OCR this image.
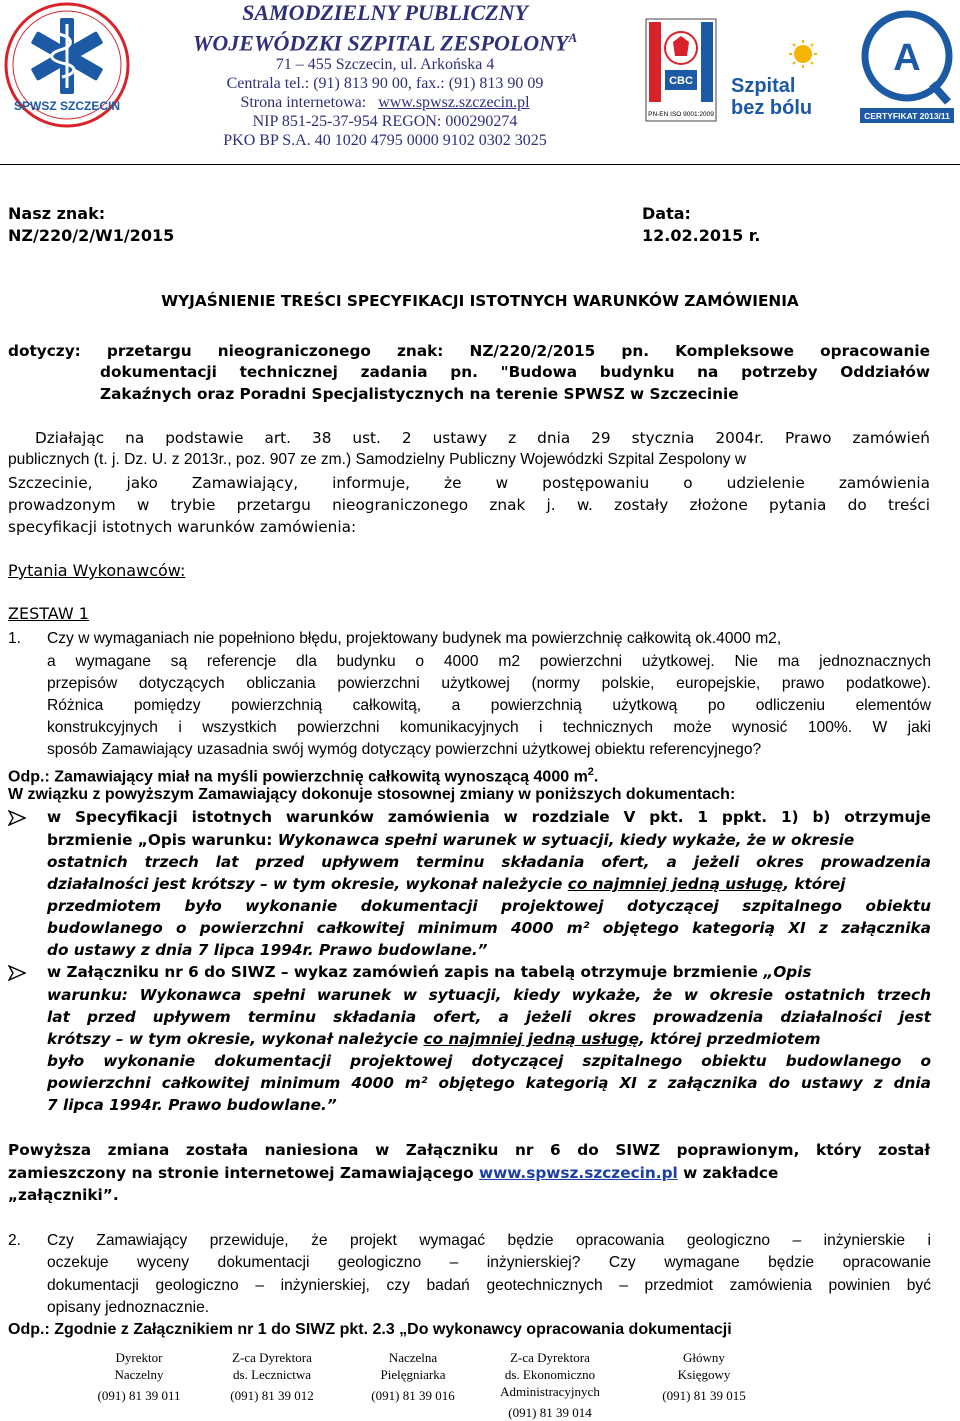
SPWSZ SZCZECIN
SAMODZIELNY PUBLICZNY
WOJEWÓDZKI SZPITAL $ZESPOLONY^A$
71 – 455 Szczecin, ul. Arkońska 4
Centrala tel.: (91) 813 90 00, fax.: (91) 813 90 09
Strona internetowa: www.spwsz.szczecin.pl
NIP 851-25-37-954 REGON: 000290274
PKO BP S.A. 40 1020 4795 0000 9102 0302 3025
CBC
PN-EN ISO 9001:2009
Szpital
bez bólu
A
CERTYFIKAT 2013/11
Nasz znak:
NZ/220/2/W1/2015
Data:
12.02.2015 r.
WYJAŚNIENIE TREŚCI SPECYFIKACJI ISTOTNYCH WARUNKÓW ZAMÓWIENIA
dotyczy: przetargu nieograniczonego znak: NZ/220/2/2015 pn. Kompleksowe opracowanie
dokumentacji technicznej zadania pn. "Budowa budynku na potrzeby Oddziałów
Zakaźnych oraz Poradni Specjalistycznych na terenie SPWSZ w Szczecinie
Działając na podstawie art. 38 ust. 2 ustawy z dnia 29 stycznia 2004r. Prawo zamówień
publicznych (t. j. Dz. U. z 2013r., poz. 907 ze zm.) Samodzielny Publiczny Wojewódzki Szpital Zespolony w
Szczecinie, jako Zamawiający, informuje, że w postępowaniu o udzielenie zamówienia
prowadzonym w trybie przetargu nieograniczonego znak j. w. zostały złożone pytania do treści
specyfikacji istotnych warunków zamówienia:
Pytania Wykonawców:
ZESTAW 1
1. Czy w wymaganiach nie popełniono błędu, projektowany budynek ma powierzchnię całkowitą ok.4000 m2,
a wymagane są referencje dla budynku o 4000 m2 powierzchni użytkowej. Nie ma jednoznacznych
przepisów dotyczących obliczania powierzchni użytkowej (normy polskie, europejskie, prawo podatkowe).
Różnica pomiędzy powierzchnią całkowitą, a powierzchnią użytkową po odliczeniu elementów
konstrukcyjnych i wszystkich powierzchni komunikacyjnych i technicznych może wynosić 100%. W jaki
sposób Zamawiający uzasadnia swój wymóg dotyczący powierzchni użytkowej obiektu referencyjnego?
Odp.: Zamawiający miał na myśli powierzchnię całkowitą wynoszącą 4000 $m^2$.
W związku z powyższym Zamawiający dokonuje stosownej zmiany w poniższych dokumentach:
w Specyfikacji istotnych warunków zamówienia w rozdziale V pkt. 1 ppkt. 1) b) otrzymuje
brzmienie „Opis warunku: Wykonawca spełni warunek w sytuacji, kiedy wykaże, że w okresie
ostatnich trzech lat przed upływem terminu składania ofert, a jeżeli okres prowadzenia
działalności jest krótszy – w tym okresie, wykonał należycie co najmniej jedną usługę, której
przedmiotem było wykonanie dokumentacji projektowej dotyczącej szpitalnego obiektu
budowlanego o powierzchni całkowitej minimum 4000 m² objętego kategorią XI z załącznika
do ustawy z dnia 7 lipca 1994r. Prawo budowlane.”
w Załączniku nr 6 do SIWZ – wykaz zamówień zapis na tabelą otrzymuje brzmienie „Opis
warunku: Wykonawca spełni warunek w sytuacji, kiedy wykaże, że w okresie ostatnich trzech
lat przed upływem terminu składania ofert, a jeżeli okres prowadzenia działalności jest
krótszy – w tym okresie, wykonał należycie co najmniej jedną usługę, której przedmiotem
było wykonanie dokumentacji projektowej dotyczącej szpitalnego obiektu budowlanego o
powierzchni całkowitej minimum 4000 m² objętego kategorią XI z załącznika do ustawy z dnia
7 lipca 1994r. Prawo budowlane.”
Powyższa zmiana została naniesiona w Załączniku nr 6 do SIWZ poprawionym, który został
zamieszczony na stronie internetowej Zamawiającego www.spwsz.szczecin.pl w zakładce
„załączniki”.
2. Czy Zamawiający przewiduje, że projekt wymagać będzie opracowania geologiczno – inżynierskie i
oczekuje wyceny dokumentacji geologiczno – inżynierskiej? Czy wymagane będzie opracowanie
dokumentacji geologiczno – inżynierskiej, czy badań geotechnicznych – przedmiot zamówienia powinien być
opisany jednoznacznie.
Odp.: Zgodnie z Załącznikiem nr 1 do SIWZ pkt. 2.3 „Do wykonawcy opracowania dokumentacji
Dyrektor
Naczelny
(091) 81 39 011
Z-ca Dyrektora
ds. Lecznictwa
(091) 81 39 012
Naczelna
Pielęgniarka
(091) 81 39 016
Z-ca Dyrektora
ds. Ekonomiczno
Administracyjnych
(091) 81 39 014
Główny
Księgowy
(091) 81 39 015
